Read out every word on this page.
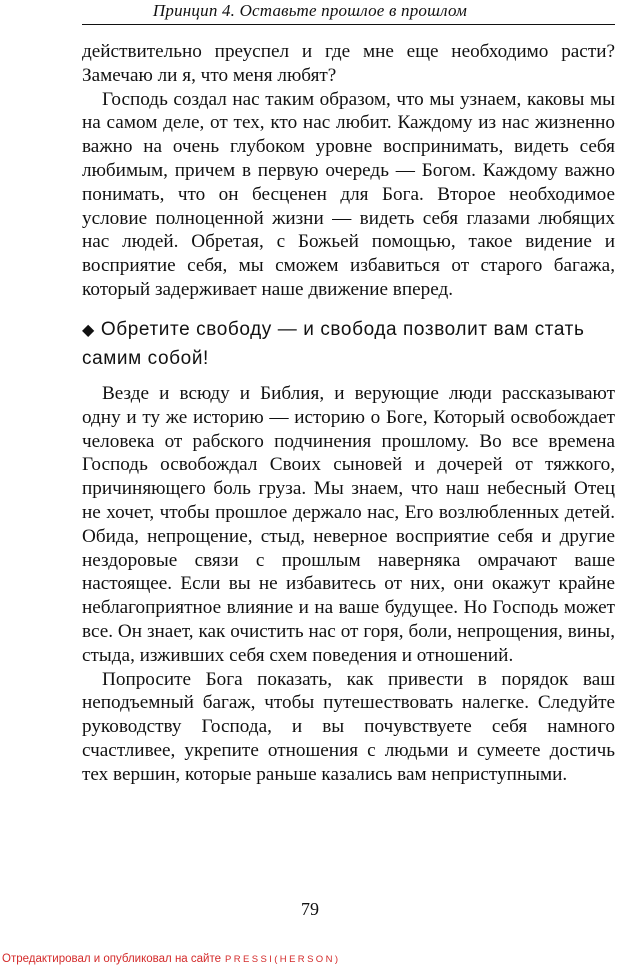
Принцип 4. Оставьте прошлое в прошлом

действительно преуспел и где мне еще необходимо расти? Замечаю ли я, что меня любят?

Господь создал нас таким образом, что мы узнаем, каковы мы на самом деле, от тех, кто нас любит. Каждому из нас жизненно важно на очень глубоком уровне воспринимать, видеть себя любимым, причем в первую очередь — Богом. Каждому важно понимать, что он бесценен для Бога. Второе необходимое условие полноценной жизни — видеть себя глазами любящих нас людей. Обретая, с Божьей помощью, такое видение и восприятие себя, мы сможем избавиться от старого багажа, который задерживает наше движение вперед.

◆ Обретите свободу — и свобода позволит вам стать самим собой!

Везде и всюду и Библия, и верующие люди рассказывают одну и ту же историю — историю о Боге, Который освобождает человека от рабского подчинения прошлому. Во все времена Господь освобождал Своих сыновей и дочерей от тяжкого, причиняющего боль груза. Мы знаем, что наш небесный Отец не хочет, чтобы прошлое держало нас, Его возлюбленных детей. Обида, непрощение, стыд, неверное восприятие себя и другие нездоровые связи с прошлым наверняка омрачают ваше настоящее. Если вы не избавитесь от них, они окажут крайне неблагоприятное влияние и на ваше будущее. Но Господь может все. Он знает, как очистить нас от горя, боли, непрощения, вины, стыда, изживших себя схем поведения и отношений.

Попросите Бога показать, как привести в порядок ваш неподъемный багаж, чтобы путешествовать налегке. Следуйте руководству Господа, и вы почувствуете себя намного счастливее, укрепите отношения с людьми и сумеете достичь тех вершин, которые раньше казались вам неприступными.

79
Отредактировал и опубликовал на сайте PRESSI(HERSON)
